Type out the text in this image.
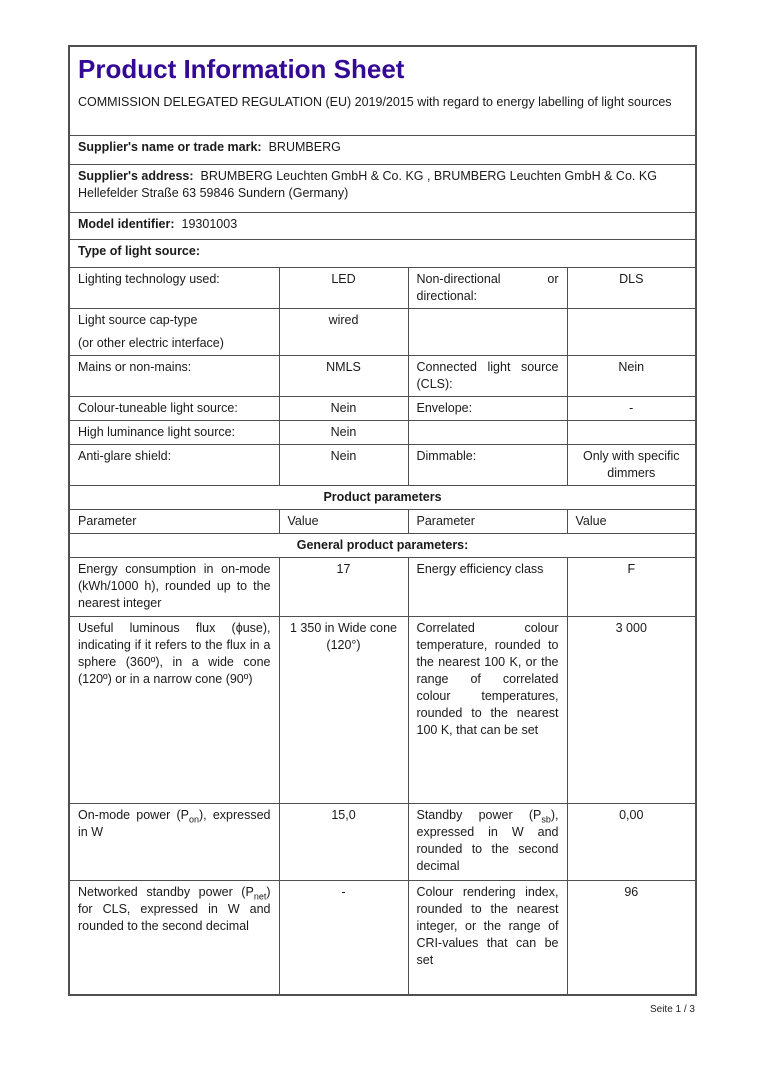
Product Information Sheet
COMMISSION DELEGATED REGULATION (EU) 2019/2015 with regard to energy labelling of light sources			

Supplier's name or trade mark: BRUMBERG			
Supplier's address: BRUMBERG Leuchten GmbH & Co. KG , BRUMBERG Leuchten GmbH & Co. KG Hellefelder Straße 63 59846 Sundern (Germany)			
Model identifier: 19301003			
Type of light source:			
Lighting technology used:	LED	Non-directional or directional:	DLS

Light source cap-type
(or other electric interface)	wired		
Mains or non-mains:	NMLS	Connected light source (CLS):	Nein
Colour-tuneable light source:	Nein	Envelope:	-
High luminance light source:	Nein		
Anti-glare shield:	Nein	Dimmable:	Only with specific dimmers
Product parameters			
Parameter	Value	Parameter	Value
General product parameters:			
Energy consumption in on-mode (kWh/1000 h), rounded up to the nearest integer	17	Energy efficiency class	F
Useful luminous flux (ϕuse), indicating if it refers to the flux in a sphere (360º), in a wide cone (120º) or in a narrow cone (90º)	1 350 in Wide cone (120°)	Correlated colour temperature, rounded to the nearest 100 K, or the range of correlated colour temperatures, rounded to the nearest 100 K, that can be set	3 000
On-mode power $(P_{on})$, expressed in W	15,0	Standby power $(P_{sb})$, expressed in W and rounded to the second decimal	0,00
Networked standby power $(P_{net})$ for CLS, expressed in W and rounded to the second decimal	-	Colour rendering index, rounded to the nearest integer, or the range of CRI-values that can be set	96
Seite 1 / 3
